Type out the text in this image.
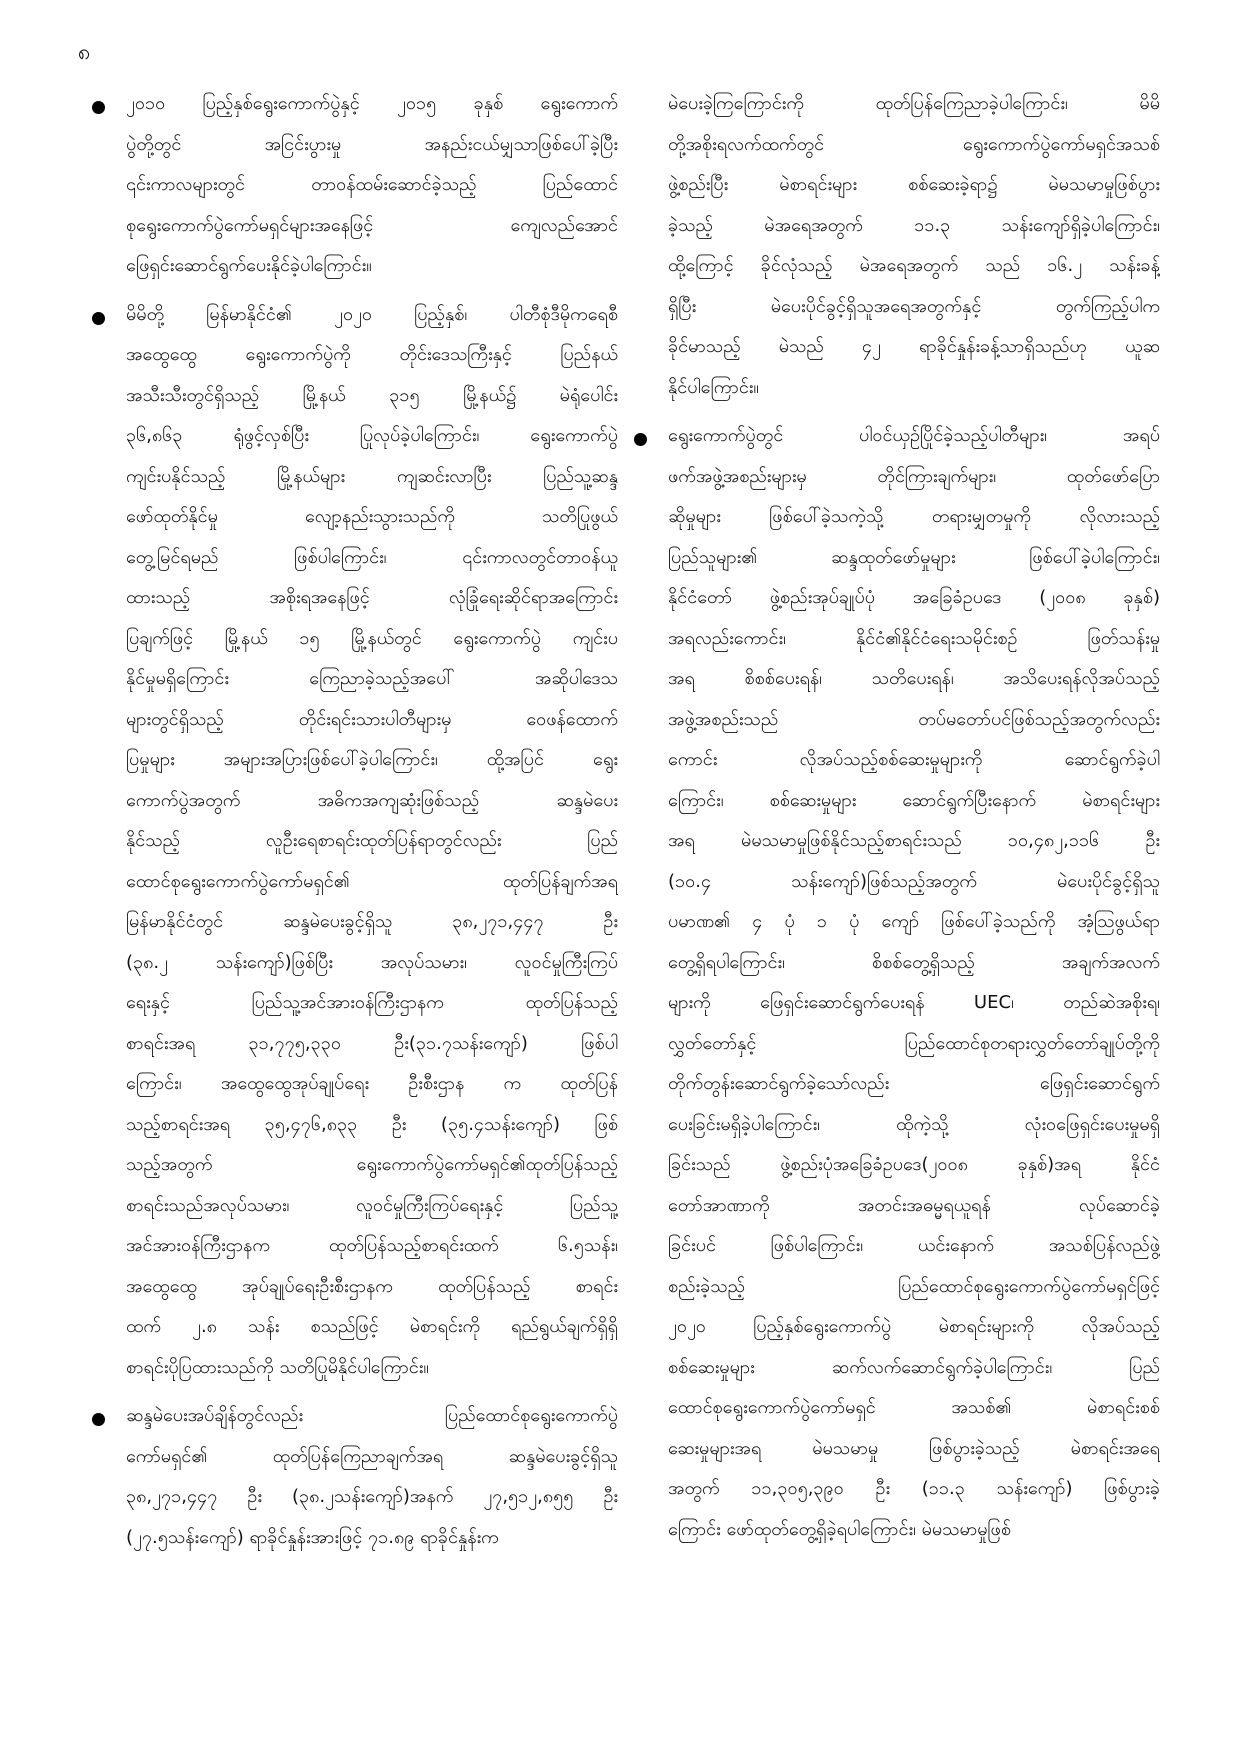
၈
၂၀၁၀ ပြည့်နှစ်ရွေးကောက်ပွဲနှင့် ၂၀၁၅ ခုနှစ် ရွေးကောက်
ပွဲတို့တွင် အငြင်းပွားမှု အနည်းငယ်မျှသာဖြစ်ပေါ်ခဲ့ပြီး
၎င်းကာလများတွင် တာဝန်ထမ်းဆောင်ခဲ့သည့် ပြည်ထောင်
စုရွေးကောက်ပွဲကော်မရှင်များအနေဖြင့် ကျေလည်အောင်
ဖြေရှင်းဆောင်ရွက်ပေးနိုင်ခဲ့ပါကြောင်း။
မိမိတို့ မြန်မာနိုင်ငံ၏ ၂၀၂၀ ပြည့်နှစ်၊ ပါတီစုံဒီမိုကရေစီ
အထွေထွေ ရွေးကောက်ပွဲကို တိုင်းဒေသကြီးနှင့် ပြည်နယ်
အသီးသီးတွင်ရှိသည့် မြို့နယ် ၃၁၅ မြို့နယ်၌ မဲရုံပေါင်း
၃၆,၈၆၃ ရုံဖွင့်လှစ်ပြီး ပြုလုပ်ခဲ့ပါကြောင်း၊ ရွေးကောက်ပွဲ
ကျင်းပနိုင်သည့် မြို့နယ်များ ကျဆင်းလာပြီး ပြည်သူ့ဆန္ဒ
ဖော်ထုတ်နိုင်မှု လျော့နည်းသွားသည်ကို သတိပြုဖွယ်
တွေ့မြင်ရမည် ဖြစ်ပါကြောင်း၊ ၎င်းကာလတွင်တာဝန်ယူ
ထားသည့် အစိုးရအနေဖြင့် လုံခြုံရေးဆိုင်ရာအကြောင်း
ပြချက်ဖြင့် မြို့နယ် ၁၅ မြို့နယ်တွင် ရွေးကောက်ပွဲ ကျင်းပ
နိုင်မှုမရှိကြောင်း ကြေညာခဲ့သည့်အပေါ် အဆိုပါဒေသ
များတွင်ရှိသည့် တိုင်းရင်းသားပါတီများမှ ဝေဖန်ထောက်
ပြမှုများ အများအပြားဖြစ်ပေါ်ခဲ့ပါကြောင်း၊ ထို့အပြင် ရွေး
ကောက်ပွဲအတွက် အဓိကအကျဆုံးဖြစ်သည့် ဆန္ဒမဲပေး
နိုင်သည့် လူဦးရေစာရင်းထုတ်ပြန်ရာတွင်လည်း ပြည်
ထောင်စုရွေးကောက်ပွဲကော်မရှင်၏ ထုတ်ပြန်ချက်အရ
မြန်မာနိုင်ငံတွင် ဆန္ဒမဲပေးခွင့်ရှိသူ ၃၈,၂၇၁,၄၄၇ ဦး
(၃၈.၂ သန်းကျော်)ဖြစ်ပြီး အလုပ်သမား၊ လူဝင်မှုကြီးကြပ်
ရေးနှင့် ပြည်သူ့အင်အားဝန်ကြီးဌာနက ထုတ်ပြန်သည့်
စာရင်းအရ ၃၁,၇၇၅,၃၃၀ ဦး(၃၁.၇သန်းကျော်) ဖြစ်ပါ
ကြောင်း၊ အထွေထွေအုပ်ချုပ်ရေး ဦးစီးဌာန က ထုတ်ပြန်
သည့်စာရင်းအရ ၃၅,၄၇၆,၈၃၃ ဦး (၃၅.၄သန်းကျော်) ဖြစ်
သည့်အတွက် ရွေးကောက်ပွဲကော်မရှင်၏ထုတ်ပြန်သည့်
စာရင်းသည်အလုပ်သမား၊ လူဝင်မှုကြီးကြပ်ရေးနှင့် ပြည်သူ့
အင်အားဝန်ကြီးဌာနက ထုတ်ပြန်သည့်စာရင်းထက် ၆.၅သန်း၊
အထွေထွေ အုပ်ချုပ်ရေးဦးစီးဌာနက ထုတ်ပြန်သည့် စာရင်း
ထက် ၂.၈ သန်း စသည်ဖြင့် မဲစာရင်းကို ရည်ရွယ်ချက်ရှိရှိ
စာရင်းပိုပြထားသည်ကို သတိပြုမိနိုင်ပါကြောင်း။
ဆန္ဒမဲပေးအပ်ချိန်တွင်လည်း ပြည်ထောင်စုရွေးကောက်ပွဲ
ကော်မရှင်၏ ထုတ်ပြန်ကြေညာချက်အရ ဆန္ဒမဲပေးခွင့်ရှိသူ
၃၈,၂၇၁,၄၄၇ ဦး (၃၈.၂သန်းကျော်)အနက် ၂၇,၅၁၂,၈၅၅ ဦး
(၂၇.၅သန်းကျော်) ရာခိုင်နှုန်းအားဖြင့် ၇၁.၈၉ ရာခိုင်နှုန်းက
မဲပေးခဲ့ကြကြောင်းကို ထုတ်ပြန်ကြေညာခဲ့ပါကြောင်း၊ မိမိ
တို့အစိုးရလက်ထက်တွင် ရွေးကောက်ပွဲကော်မရှင်အသစ်
ဖွဲ့စည်းပြီး မဲစာရင်းများ စစ်ဆေးခဲ့ရာ၌ မဲမသမာမှုဖြစ်ပွား
ခဲ့သည့် မဲအရေအတွက် ၁၁.၃ သန်းကျော်ရှိခဲ့ပါကြောင်း၊
ထို့ကြောင့် ခိုင်လုံသည့် မဲအရေအတွက် သည် ၁၆.၂ သန်းခန့်
ရှိပြီး မဲပေးပိုင်ခွင့်ရှိသူအရေအတွက်နှင့် တွက်ကြည့်ပါက
ခိုင်မာသည့် မဲသည် ၄၂ ရာခိုင်နှုန်းခန့်သာရှိသည်ဟု ယူဆ
နိုင်ပါကြောင်း။
ရွေးကောက်ပွဲတွင် ပါဝင်ယှဉ်ပြိုင်ခဲ့သည့်ပါတီများ၊ အရပ်
ဖက်အဖွဲ့အစည်းများမှ တိုင်ကြားချက်များ၊ ထုတ်ဖော်ပြော
ဆိုမှုများ ဖြစ်ပေါ်ခဲ့သကဲ့သို့ တရားမျှတမှုကို လိုလားသည့်
ပြည်သူများ၏ ဆန္ဒထုတ်ဖော်မှုများ ဖြစ်ပေါ်ခဲ့ပါကြောင်း၊
နိုင်ငံတော် ဖွဲ့စည်းအုပ်ချုပ်ပုံ အခြေခံဥပဒေ (၂၀၀၈ ခုနှစ်)
အရလည်းကောင်း၊ နိုင်ငံ၏နိုင်ငံရေးသမိုင်းစဉ် ဖြတ်သန်းမှု
အရ စိစစ်ပေးရန်၊ သတိပေးရန်၊ အသိပေးရန်လိုအပ်သည့်
အဖွဲ့အစည်းသည် တပ်မတော်ပင်ဖြစ်သည့်အတွက်လည်း
ကောင်း လိုအပ်သည့်စစ်ဆေးမှုများကို ဆောင်ရွက်ခဲ့ပါ
ကြောင်း၊ စစ်ဆေးမှုများ ဆောင်ရွက်ပြီးနောက် မဲစာရင်းများ
အရ မဲမသမာမှုဖြစ်နိုင်သည့်စာရင်းသည် ၁၀,၄၈၂,၁၁၆ ဦး
(၁၀.၄ သန်းကျော်)ဖြစ်သည့်အတွက် မဲပေးပိုင်ခွင့်ရှိသူ
ပမာဏ၏ ၄ ပုံ ၁ ပုံ ကျော် ဖြစ်ပေါ်ခဲ့သည်ကို အံ့ဩဖွယ်ရာ
တွေ့ရှိရပါကြောင်း၊ စိစစ်တွေ့ရှိသည့် အချက်အလက်
များကို ဖြေရှင်းဆောင်ရွက်ပေးရန် UEC၊ တည်ဆဲအစိုးရ၊
လွှတ်တော်နှင့် ပြည်ထောင်စုတရားလွှတ်တော်ချုပ်တို့ကို
တိုက်တွန်းဆောင်ရွက်ခဲ့သော်လည်း ဖြေရှင်းဆောင်ရွက်
ပေးခြင်းမရှိခဲ့ပါကြောင်း၊ ထိုကဲ့သို့ လုံးဝဖြေရှင်းပေးမှုမရှိ
ခြင်းသည် ဖွဲ့စည်းပုံအခြေခံဥပဒေ(၂၀၀၈ ခုနှစ်)အရ နိုင်ငံ
တော်အာဏာကို အတင်းအဓမ္မရယူရန် လုပ်ဆောင်ခဲ့
ခြင်းပင် ဖြစ်ပါကြောင်း၊ ယင်းနောက် အသစ်ပြန်လည်ဖွဲ့
စည်းခဲ့သည့် ပြည်ထောင်စုရွေးကောက်ပွဲကော်မရှင်ဖြင့်
၂၀၂၀ ပြည့်နှစ်ရွေးကောက်ပွဲ မဲစာရင်းများကို လိုအပ်သည့်
စစ်ဆေးမှုများ ဆက်လက်ဆောင်ရွက်ခဲ့ပါကြောင်း၊ ပြည်
ထောင်စုရွေးကောက်ပွဲကော်မရှင် အသစ်၏ မဲစာရင်းစစ်
ဆေးမှုများအရ မဲမသမာမှု ဖြစ်ပွားခဲ့သည့် မဲစာရင်းအရေ
အတွက် ၁၁,၃၀၅,၃၉၀ ဦး (၁၁.၃ သန်းကျော်) ဖြစ်ပွားခဲ့
ကြောင်း ဖော်ထုတ်တွေ့ရှိခဲ့ရပါကြောင်း၊ မဲမသမာမှုဖြစ်
